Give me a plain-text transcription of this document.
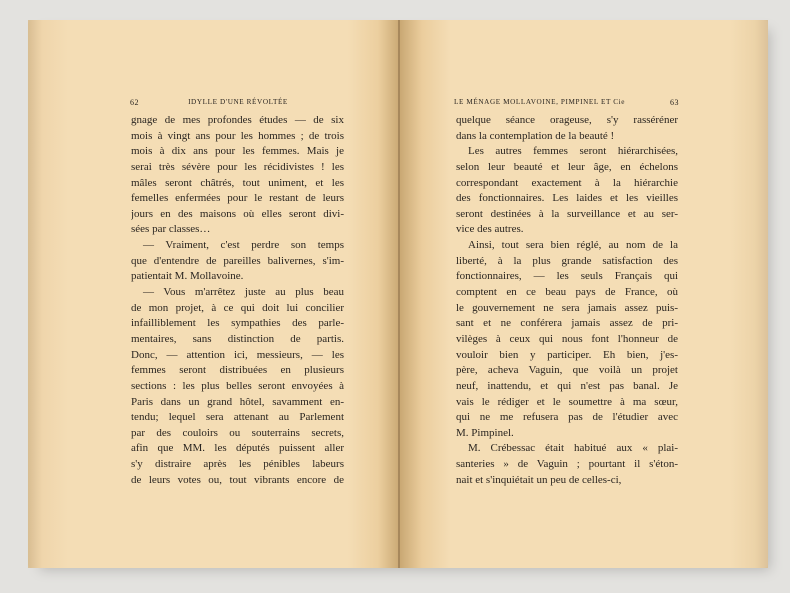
62	IDYLLE D'UNE RÉVOLTÉE
gnage de mes profondes études — de six
mois à vingt ans pour les hommes ; de trois
mois à dix ans pour les femmes. Mais je
serai très sévère pour les récidivistes ! les
mâles seront châtrés, tout uniment, et les
femelles enfermées pour le restant de leurs
jours en des maisons où elles seront divi-
sées par classes…
— Vraiment, c'est perdre son temps
que d'entendre de pareilles balivernes, s'im-
patientait M. Mollavoine.
— Vous m'arrêtez juste au plus beau
de mon projet, à ce qui doit lui concilier
infailliblement les sympathies des parle-
mentaires, sans distinction de partis.
Donc, — attention ici, messieurs, — les
femmes seront distribuées en plusieurs
sections : les plus belles seront envoyées à
Paris dans un grand hôtel, savamment en-
tendu; lequel sera attenant au Parlement
par des couloirs ou souterrains secrets,
afin que MM. les députés puissent aller
s'y distraire après les pénibles labeurs
de leurs votes ou, tout vibrants encore de
LE MÉNAGE MOLLAVOINE, PIMPINEL ET Cie	63
quelque séance orageuse, s'y rasséréner
dans la contemplation de la beauté !
Les autres femmes seront hiérarchisées,
selon leur beauté et leur âge, en échelons
correspondant exactement à la hiérarchie
des fonctionnaires. Les laides et les vieilles
seront destinées à la surveillance et au ser-
vice des autres.
Ainsi, tout sera bien réglé, au nom de la
liberté, à la plus grande satisfaction des
fonctionnaires, — les seuls Français qui
comptent en ce beau pays de France, où
le gouvernement ne sera jamais assez puis-
sant et ne conférera jamais assez de pri-
vilèges à ceux qui nous font l'honneur de
vouloir bien y participer. Eh bien, j'es-
père, acheva Vaguin, que voilà un projet
neuf, inattendu, et qui n'est pas banal. Je
vais le rédiger et le soumettre à ma sœur,
qui ne me refusera pas de l'étudier avec
M. Pimpinel.
M. Crébessac était habitué aux « plai-
santeries » de Vaguin ; pourtant il s'éton-
nait et s'inquiétait un peu de celles-ci,
